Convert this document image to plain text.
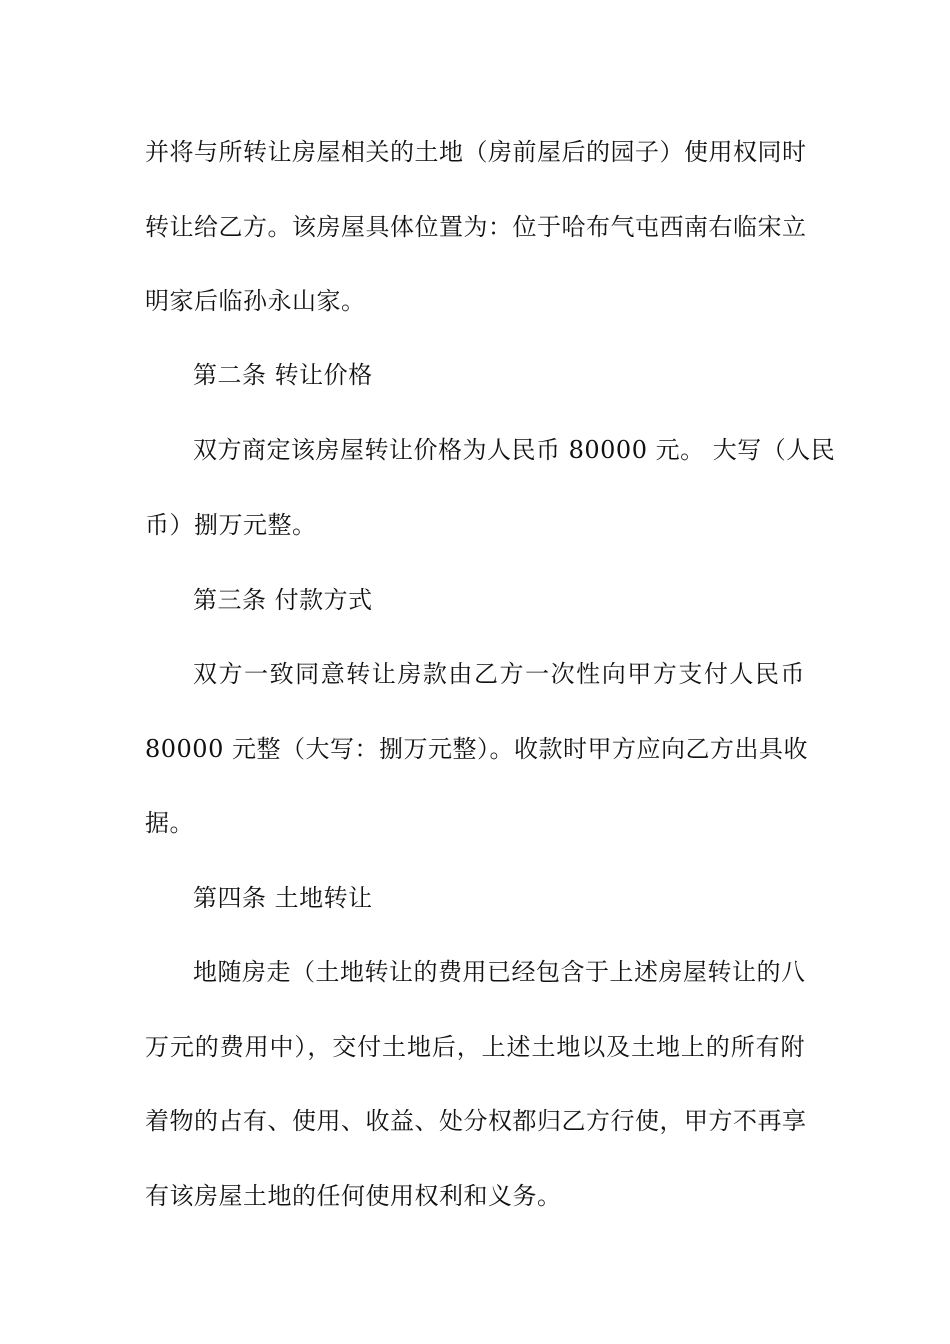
并将与所转让房屋相关的土地（房前屋后的园子）使用权同时
转让给乙方。该房屋具体位置为：位于哈布气屯西南右临宋立
明家后临孙永山家。
第二条 转让价格
双方商定该房屋转让价格为人民币 80000 元。 大写（人民
币）捌万元整。
第三条 付款方式
双方一致同意转让房款由乙方一次性向甲方支付人民币
80000 元整（大写：捌万元整）。收款时甲方应向乙方出具收
据。
第四条 土地转让
地随房走（土地转让的费用已经包含于上述房屋转让的八
万元的费用中），交付土地后，上述土地以及土地上的所有附
着物的占有、使用、收益、处分权都归乙方行使，甲方不再享
有该房屋土地的任何使用权利和义务。
